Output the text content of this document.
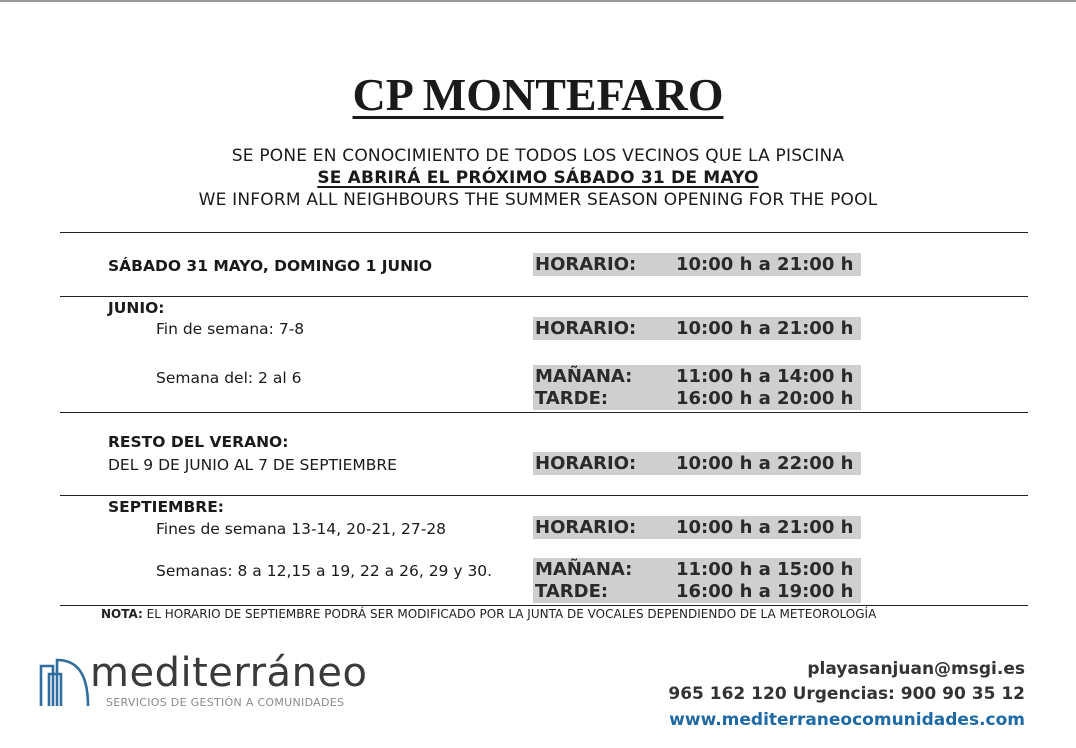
CP MONTEFARO
SE PONE EN CONOCIMIENTO DE TODOS LOS VECINOS QUE LA PISCINA
SE ABRIRÁ EL PRÓXIMO SÁBADO 31 DE MAYO
WE INFORM ALL NEIGHBOURS THE SUMMER SEASON OPENING FOR THE POOL
SÁBADO 31 MAYO, DOMINGO 1 JUNIO	HORARIO: 10:00 h a 21:00 h
JUNIO:
Fin de semana: 7-8	HORARIO: 10:00 h a 21:00 h
Semana del: 2 al 6	MAÑANA: 11:00 h a 14:00 h
TARDE:	16:00 h a 20:00 h
RESTO DEL VERANO:
DEL 9 DE JUNIO AL 7 DE SEPTIEMBRE	HORARIO: 10:00 h a 22:00 h
SEPTIEMBRE:
Fines de semana 13-14, 20-21, 27-28	HORARIO: 10:00 h a 21:00 h
Semanas: 8 a 12,15 a 19, 22 a 26, 29 y 30. MAÑANA: 11:00 h a 15:00 h
TARDE:	16:00 h a 19:00 h
NOTA: EL HORARIO DE SEPTIEMBRE PODRÁ SER MODIFICADO POR LA JUNTA DE VOCALES DEPENDIENDO DE LA METEOROLOGÍA
mediterráneo
SERVICIOS DE GESTIÓN A COMUNIDADES
playasanjuan@msgi.es
965 162 120 Urgencias: 900 90 35 12
www.mediterraneocomunidades.com
